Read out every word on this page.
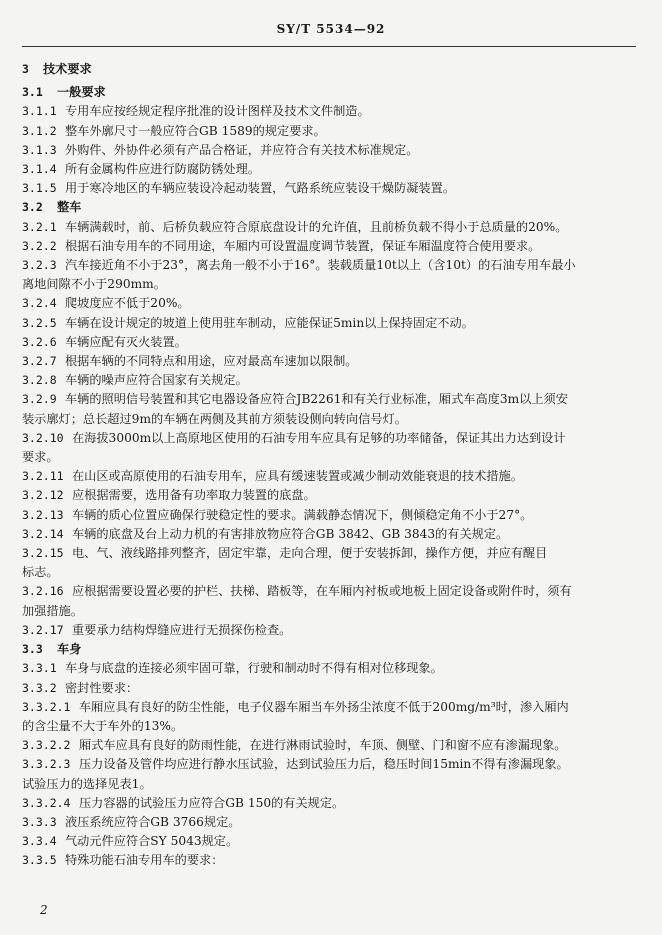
SY/T 5534—92
3 技术要求
3.1 一般要求
3.1.1 专用车应按经规定程序批准的设计图样及技术文件制造。
3.1.2 整车外廓尺寸一般应符合GB 1589的规定要求。
3.1.3 外购件、外协件必须有产品合格证，并应符合有关技术标准规定。
3.1.4 所有金属构件应进行防腐防锈处理。
3.1.5 用于寒冷地区的车辆应装设冷起动装置，气路系统应装设干燥防凝装置。
3.2 整车
3.2.1 车辆满载时，前、后桥负载应符合原底盘设计的允许值，且前桥负载不得小于总质量的20%。
3.2.2 根据石油专用车的不同用途，车厢内可设置温度调节装置，保证车厢温度符合使用要求。
3.2.3 汽车接近角不小于23°，离去角一般不小于16°。装载质量10t以上（含10t）的石油专用车最小
离地间隙不小于290mm。
3.2.4 爬坡度应不低于20%。
3.2.5 车辆在设计规定的坡道上使用驻车制动，应能保证5min以上保持固定不动。
3.2.6 车辆应配有灭火装置。
3.2.7 根据车辆的不同特点和用途，应对最高车速加以限制。
3.2.8 车辆的噪声应符合国家有关规定。
3.2.9 车辆的照明信号装置和其它电器设备应符合JB2261和有关行业标准，厢式车高度3m以上须安
装示廓灯；总长超过9m的车辆在两侧及其前方须装设侧向转向信号灯。
3.2.10 在海拔3000m以上高原地区使用的石油专用车应具有足够的功率储备，保证其出力达到设计
要求。
3.2.11 在山区或高原使用的石油专用车，应具有缓速装置或减少制动效能衰退的技术措施。
3.2.12 应根据需要，选用备有功率取力装置的底盘。
3.2.13 车辆的质心位置应确保行驶稳定性的要求。满载静态情况下，侧倾稳定角不小于27°。
3.2.14 车辆的底盘及台上动力机的有害排放物应符合GB 3842、GB 3843的有关规定。
3.2.15 电、气、液线路排列整齐，固定牢靠，走向合理，便于安装拆卸，操作方便，并应有醒目
标志。
3.2.16 应根据需要设置必要的护栏、扶梯、踏板等，在车厢内衬板或地板上固定设备或附件时，须有
加强措施。
3.2.17 重要承力结构焊缝应进行无损探伤检查。
3.3 车身
3.3.1 车身与底盘的连接必须牢固可靠，行驶和制动时不得有相对位移现象。
3.3.2 密封性要求：
3.3.2.1 车厢应具有良好的防尘性能，电子仪器车厢当车外扬尘浓度不低于200mg/m³时，渗入厢内
的含尘量不大于车外的13%。
3.3.2.2 厢式车应具有良好的防雨性能，在进行淋雨试验时，车顶、侧壁、门和窗不应有渗漏现象。
3.3.2.3 压力设备及管件均应进行静水压试验，达到试验压力后，稳压时间15min不得有渗漏现象。
试验压力的选择见表1。
3.3.2.4 压力容器的试验压力应符合GB 150的有关规定。
3.3.3 液压系统应符合GB 3766规定。
3.3.4 气动元件应符合SY 5043规定。
3.3.5 特殊功能石油专用车的要求：
2
